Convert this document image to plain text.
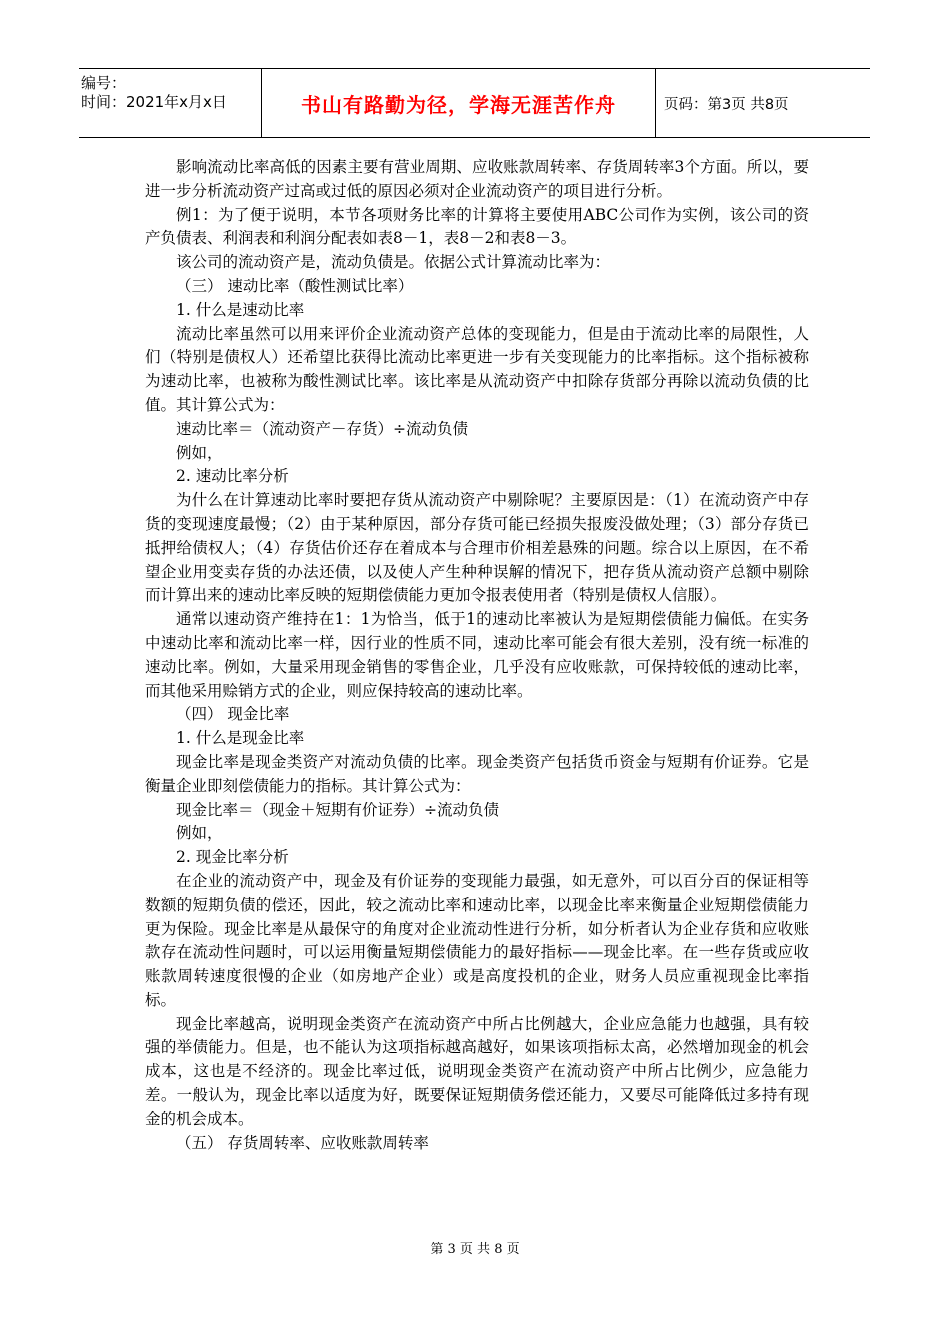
编号：
时间：2021年x月x日	书山有路勤为径，学海无涯苦作舟	页码：第3页 共8页

影响流动比率高低的因素主要有营业周期、应收账款周转率、存货周转率3个方面。所以，要进一步分析流动资产过高或过低的原因必须对企业流动资产的项目进行分析。

例1：为了便于说明，本节各项财务比率的计算将主要使用ABC公司作为实例，该公司的资产负债表、利润表和利润分配表如表8－1，表8－2和表8－3。

该公司的流动资产是，流动负债是。依据公式计算流动比率为：

（三） 速动比率（酸性测试比率）

1. 什么是速动比率

流动比率虽然可以用来评价企业流动资产总体的变现能力，但是由于流动比率的局限性，人们（特别是债权人）还希望比获得比流动比率更进一步有关变现能力的比率指标。这个指标被称为速动比率，也被称为酸性测试比率。该比率是从流动资产中扣除存货部分再除以流动负债的比值。其计算公式为：

速动比率＝（流动资产－存货）÷流动负债

例如，

2. 速动比率分析

为什么在计算速动比率时要把存货从流动资产中剔除呢？主要原因是：（1）在流动资产中存货的变现速度最慢；（2）由于某种原因，部分存货可能已经损失报废没做处理；（3）部分存货已抵押给债权人；（4）存货估价还存在着成本与合理市价相差悬殊的问题。综合以上原因，在不希望企业用变卖存货的办法还债，以及使人产生种种误解的情况下，把存货从流动资产总额中剔除而计算出来的速动比率反映的短期偿债能力更加令报表使用者（特别是债权人信服）。

通常以速动资产维持在1：1为恰当，低于1的速动比率被认为是短期偿债能力偏低。在实务中速动比率和流动比率一样，因行业的性质不同，速动比率可能会有很大差别，没有统一标准的速动比率。例如，大量采用现金销售的零售企业，几乎没有应收账款，可保持较低的速动比率，而其他采用赊销方式的企业，则应保持较高的速动比率。

（四） 现金比率

1. 什么是现金比率

现金比率是现金类资产对流动负债的比率。现金类资产包括货币资金与短期有价证券。它是衡量企业即刻偿债能力的指标。其计算公式为：

现金比率＝（现金＋短期有价证券）÷流动负债

例如，

2. 现金比率分析

在企业的流动资产中，现金及有价证券的变现能力最强，如无意外，可以百分百的保证相等数额的短期负债的偿还，因此，较之流动比率和速动比率，以现金比率来衡量企业短期偿债能力更为保险。现金比率是从最保守的角度对企业流动性进行分析，如分析者认为企业存货和应收账款存在流动性问题时，可以运用衡量短期偿债能力的最好指标——现金比率。在一些存货或应收账款周转速度很慢的企业（如房地产企业）或是高度投机的企业，财务人员应重视现金比率指标。

现金比率越高，说明现金类资产在流动资产中所占比例越大，企业应急能力也越强，具有较强的举债能力。但是，也不能认为这项指标越高越好，如果该项指标太高，必然增加现金的机会成本，这也是不经济的。现金比率过低，说明现金类资产在流动资产中所占比例少，应急能力差。一般认为，现金比率以适度为好，既要保证短期债务偿还能力，又要尽可能降低过多持有现金的机会成本。

（五） 存货周转率、应收账款周转率

第 3 页 共 8 页
